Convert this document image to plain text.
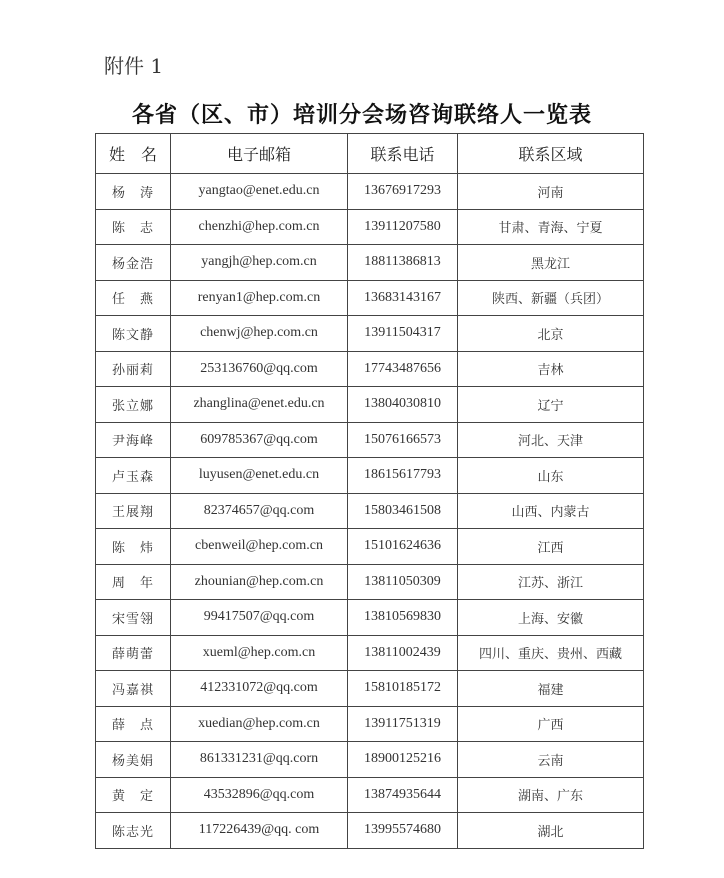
附件 1
各省（区、市）培训分会场咨询联络人一览表
姓　名	电子邮箱	联系电话	联系区域
杨　涛	yangtao@enet.edu.cn	13676917293	河南
陈　志	chenzhi@hep.com.cn	13911207580	甘肃、青海、宁夏
杨金浩	yangjh@hep.com.cn	18811386813	黑龙江
任　燕	renyan1@hep.com.cn	13683143167	陕西、新疆（兵团）
陈文静	chenwj@hep.com.cn	13911504317	北京
孙丽莉	253136760@qq.com	17743487656	吉林
张立娜	zhanglina@enet.edu.cn	13804030810	辽宁
尹海峰	609785367@qq.com	15076166573	河北、天津
卢玉森	luyusen@enet.edu.cn	18615617793	山东
王展翔	82374657@qq.com	15803461508	山西、内蒙古
陈　炜	cbenweil@hep.com.cn	15101624636	江西
周　年	zhounian@hep.com.cn	13811050309	江苏、浙江
宋雪翎	99417507@qq.com	13810569830	上海、安徽
薛萌蕾	xueml@hep.com.cn	13811002439	四川、重庆、贵州、西藏
冯嘉祺	412331072@qq.com	15810185172	福建
薛　点	xuedian@hep.com.cn	13911751319	广西
杨美娟	861331231@qq.corn	18900125216	云南
黄　定	43532896@qq.com	13874935644	湖南、广东
陈志光	117226439@qq. com	13995574680	湖北
